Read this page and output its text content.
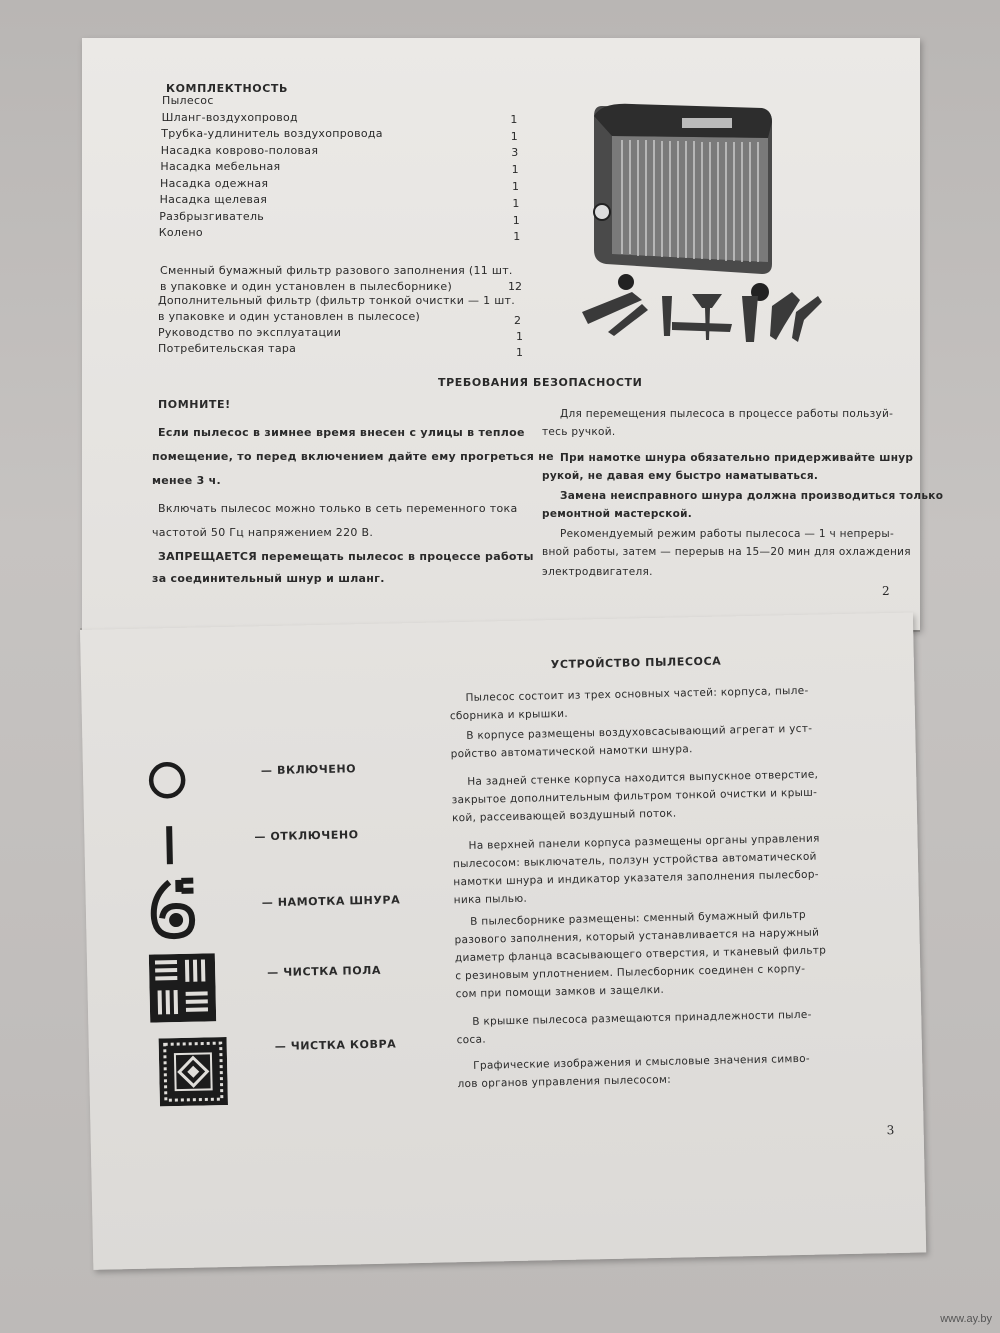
КОМПЛЕКТНОСТЬ
Пылесос
Шланг-воздухопровод	1
Трубка-удлинитель воздухопровода	1
Насадка коврово-половая	3
Насадка мебельная	1
Насадка одежная	1
Насадка щелевая	1
Разбрызгиватель	1
Колено	1
Сменный бумажный фильтр разового заполнения (11 шт.
в упаковке и один установлен в пылесборнике)	12
Дополнительный фильтр (фильтр тонкой очистки — 1 шт.
в упаковке и один установлен в пылесосе)	2
Руководство по эксплуатации	1
Потребительская тара	1
ТРЕБОВАНИЯ БЕЗОПАСНОСТИ
ПОМНИТЕ!
Если пылесос в зимнее время внесен с улицы в теплое
помещение, то перед включением дайте ему прогреться не
менее 3 ч.
Включать пылесос можно только в сеть переменного тока
частотой 50 Гц напряжением 220 В.
ЗАПРЕЩАЕТСЯ перемещать пылесос в процессе работы
за соединительный шнур и шланг.
Для перемещения пылесоса в процессе работы пользуй-
тесь ручкой.
При намотке шнура обязательно придерживайте шнур
рукой, не давая ему быстро наматываться.
Замена неисправного шнура должна производиться только
ремонтной мастерской.
Рекомендуемый режим работы пылесоса — 1 ч непреры-
вной работы, затем — перерыв на 15—20 мин для охлаждения
электродвигателя.
2
УСТРОЙСТВО ПЫЛЕСОСА
— ВКЛЮЧЕНО
— ОТКЛЮЧЕНО
— НАМОТКА ШНУРА
— ЧИСТКА ПОЛА
— ЧИСТКА КОВРА
Пылесос состоит из трех основных частей: корпуса, пыле-
сборника и крышки.
В корпусе размещены воздуховсасывающий агрегат и уст-
ройство автоматической намотки шнура.
На задней стенке корпуса находится выпускное отверстие,
закрытое дополнительным фильтром тонкой очистки и крыш-
кой, рассеивающей воздушный поток.
На верхней панели корпуса размещены органы управления
пылесосом: выключатель, ползун устройства автоматической
намотки шнура и индикатор указателя заполнения пылесбор-
ника пылью.
В пылесборнике размещены: сменный бумажный фильтр
разового заполнения, который устанавливается на наружный
диаметр фланца всасывающего отверстия, и тканевый фильтр
с резиновым уплотнением. Пылесборник соединен с корпу-
сом при помощи замков и защелки.
В крышке пылесоса размещаются принадлежности пыле-
соса.
Графические изображения и смысловые значения симво-
лов органов управления пылесосом:
3
www.ay.by
